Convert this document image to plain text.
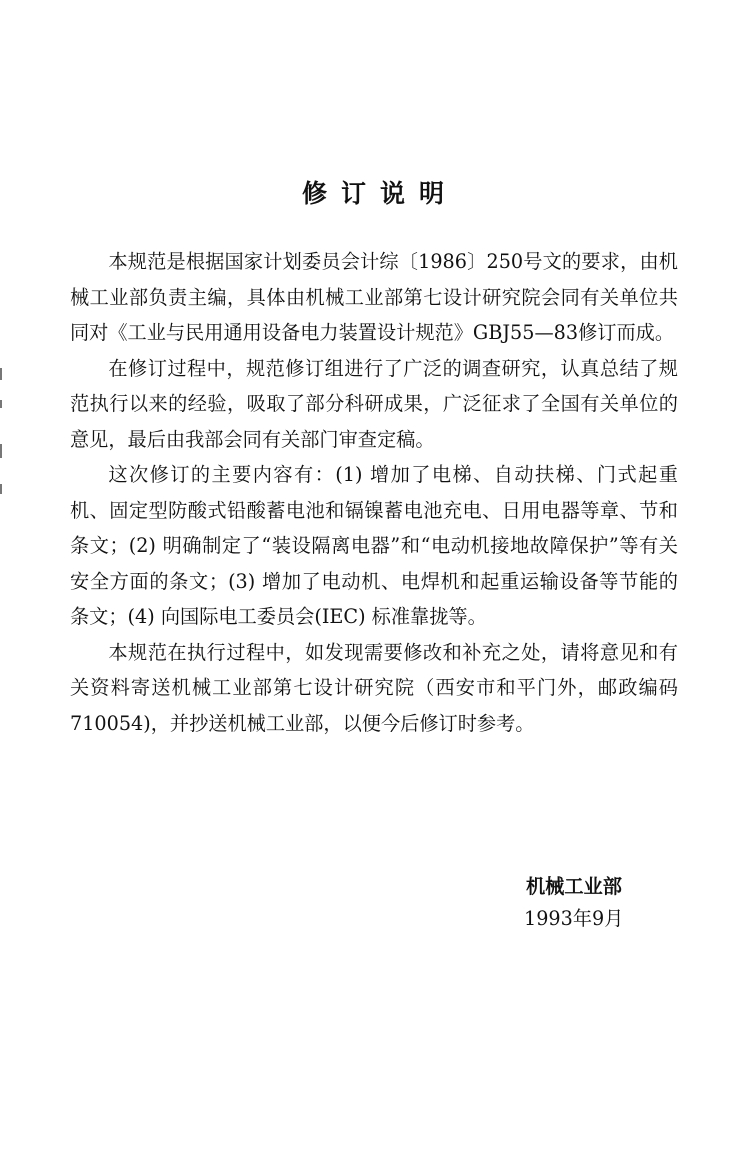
修订说明

本规范是根据国家计划委员会计综〔1986〕250号文的要求，由机械工业部负责主编，具体由机械工业部第七设计研究院会同有关单位共同对《工业与民用通用设备电力装置设计规范》GBJ55—83修订而成。

在修订过程中，规范修订组进行了广泛的调查研究，认真总结了规范执行以来的经验，吸取了部分科研成果，广泛征求了全国有关单位的意见，最后由我部会同有关部门审查定稿。

这次修订的主要内容有：(1) 增加了电梯、自动扶梯、门式起重机、固定型防酸式铅酸蓄电池和镉镍蓄电池充电、日用电器等章、节和条文；(2) 明确制定了“装设隔离电器”和“电动机接地故障保护”等有关安全方面的条文；(3) 增加了电动机、电焊机和起重运输设备等节能的条文；(4) 向国际电工委员会(IEC) 标准靠拢等。

本规范在执行过程中，如发现需要修改和补充之处，请将意见和有关资料寄送机械工业部第七设计研究院（西安市和平门外，邮政编码710054)，并抄送机械工业部，以便今后修订时参考。

机械工业部
1993年9月
